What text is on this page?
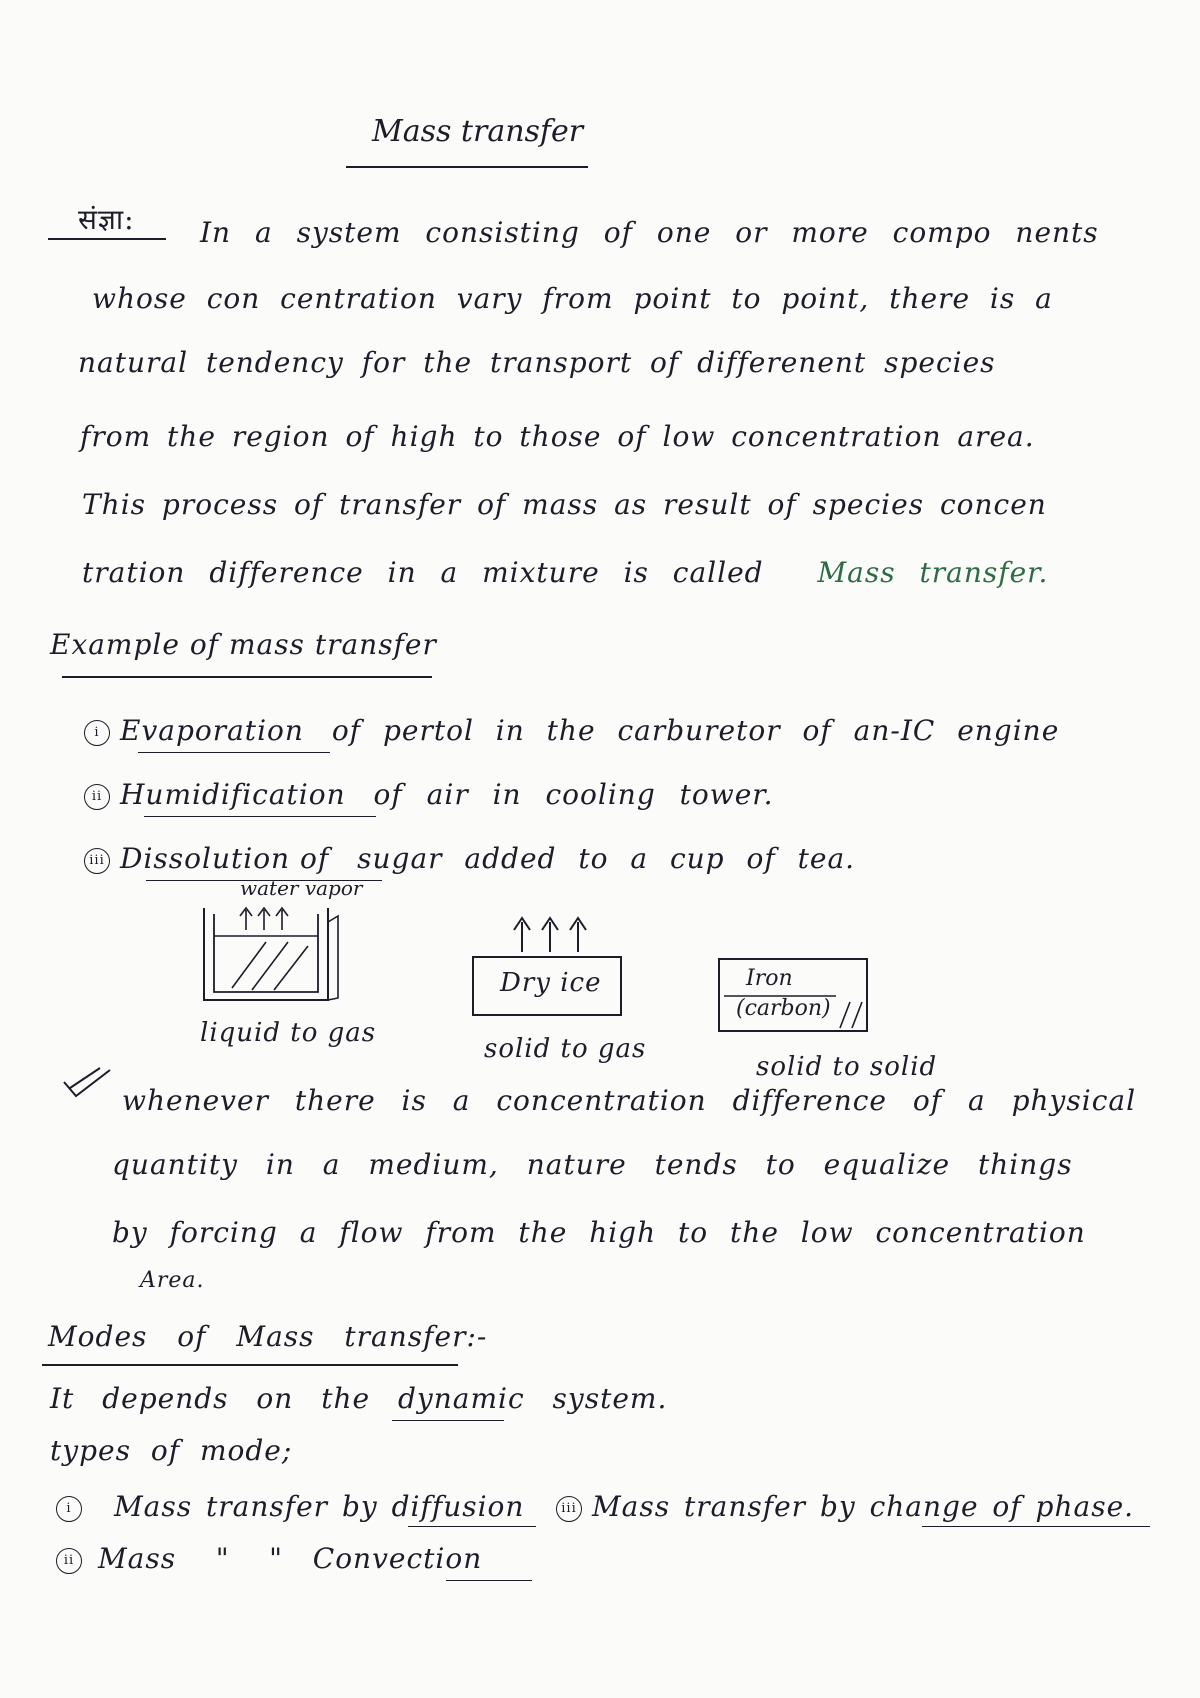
Mass transfer
संज्ञा: In a system consisting of one or more compo nents
whose con centration vary from point to point, there is a
natural tendency for the transport of differenent species
from the region of high to those of low concentration area.
This process of transfer of mass as result of species concen
tration difference in a mixture is called Mass transfer.
Example of mass transfer
i Evaporation of pertol in the carburetor of an-IC engine
ii Humidification of air in cooling tower.
iii Dissolution of sugar added to a cup of tea.
water vapor
liquid to gas
Dry ice
solid to gas
Iron
(carbon)
solid to solid
whenever there is a concentration difference of a physical
quantity in a medium, nature tends to equalize things
by forcing a flow from the high to the low concentration
Area.
Modes of Mass transfer:-
It depends on the dynamic system.
types of mode;
i Mass transfer by diffusion	iii Mass transfer by change of phase.
ii Mass    "    "   Convection
